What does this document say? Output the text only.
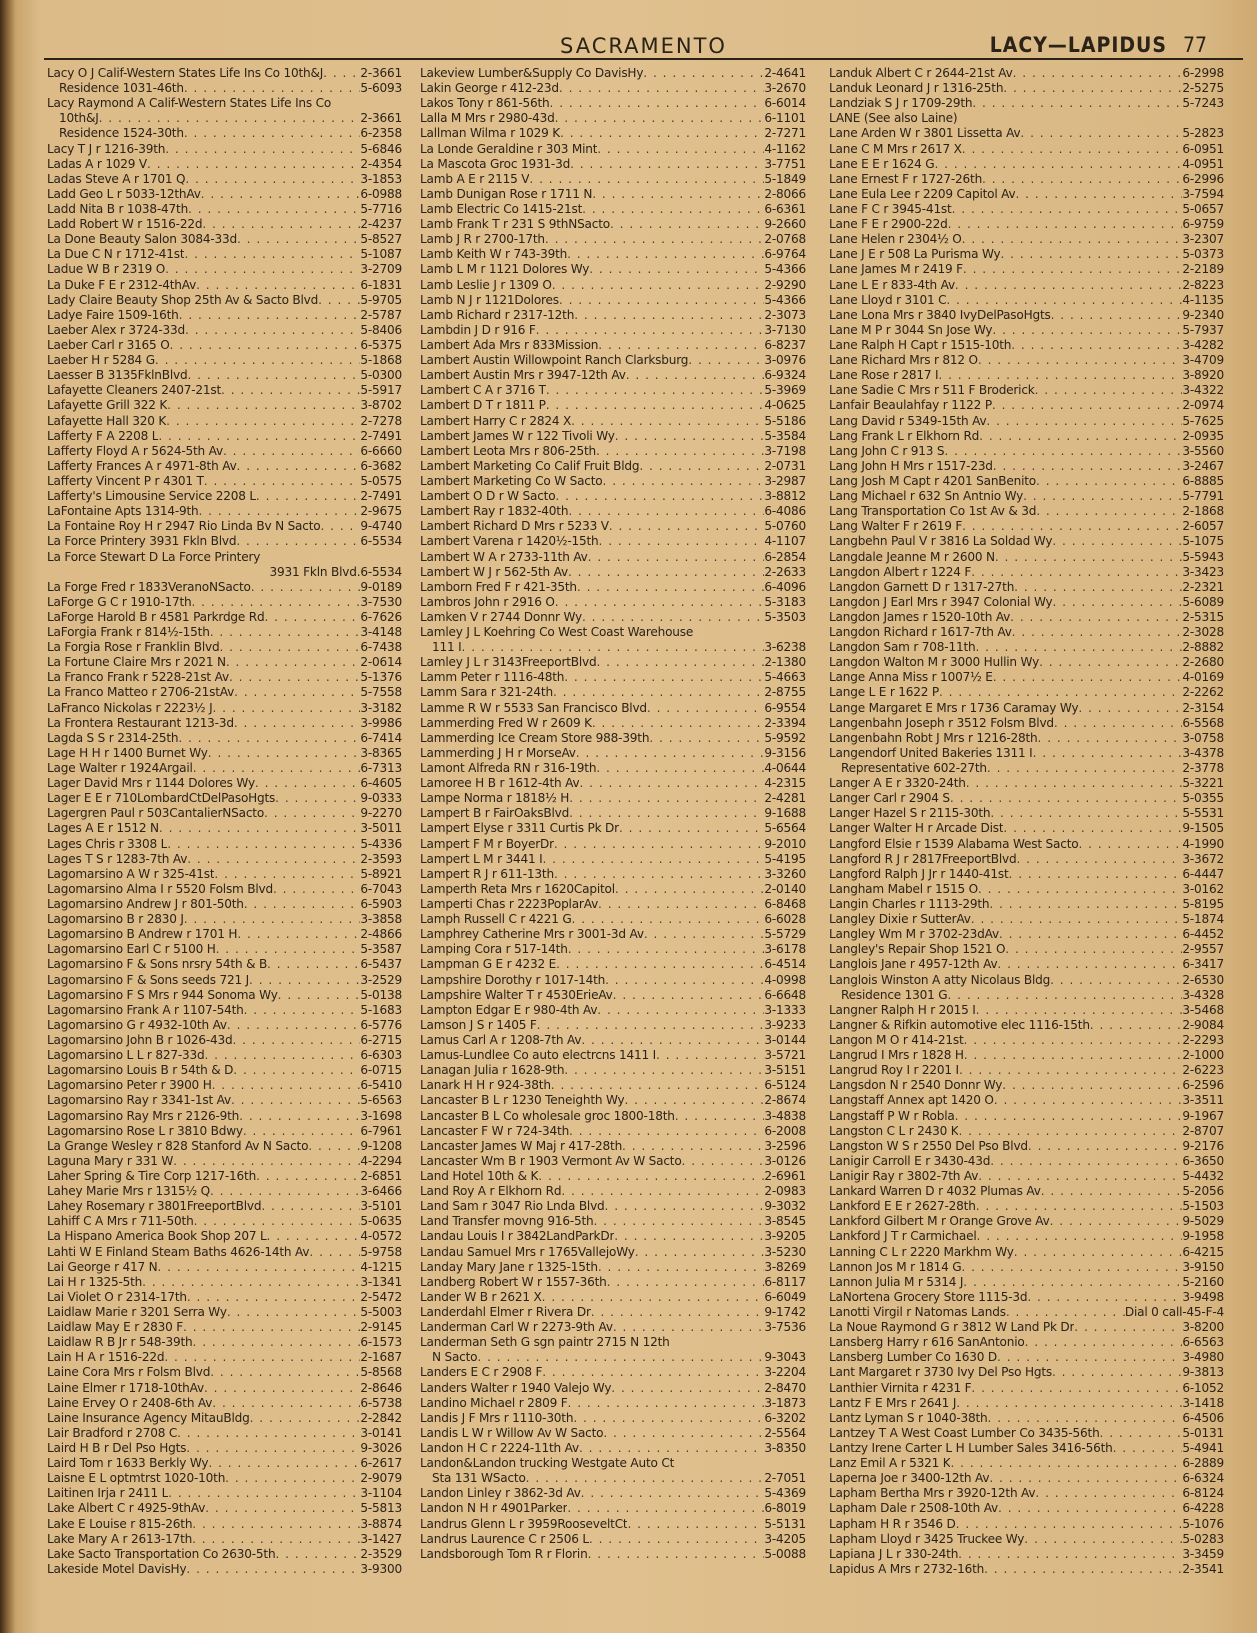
SACRAMENTO	LACY—LAPIDUS 77
Lacy O J Calif-Western States Life Ins Co 10th&J . . .	2-3661
Residence 1031-46th . . .	5-6093
Lacy Raymond A Calif-Western States Life Ins Co
10th&J . . .	2-3661
Residence 1524-30th . . .	6-2358
Lacy T J r 1216-39th . . .	5-6846
Ladas A r 1029 V . . .	2-4354
Ladas Steve A r 1701 Q . . .	3-1853
Ladd Geo L r 5033-12thAv . . .	6-0988
Ladd Nita B r 1038-47th . . .	5-7716
Ladd Robert W r 1516-22d . . .	2-4237
La Done Beauty Salon 3084-33d . . .	5-8527
La Due C N r 1712-41st . . .	5-1087
Ladue W B r 2319 O . . .	3-2709
La Duke F E r 2312-4thAv . . .	6-1831
Lady Claire Beauty Shop 25th Av & Sacto Blvd . . .	5-9705
Ladye Faire 1509-16th . . .	2-5787
Laeber Alex r 3724-33d . . .	5-8406
Laeber Carl r 3165 O . . .	6-5375
Laeber H r 5284 G . . .	5-1868
Laesser B 3135FklnBlvd . . .	5-0300
Lafayette Cleaners 2407-21st . . .	5-5917
Lafayette Grill 322 K . . .	3-8702
Lafayette Hall 320 K . . .	2-7278
Lafferty F A 2208 L . . .	2-7491
Lafferty Floyd A r 5624-5th Av . . .	6-6660
Lafferty Frances A r 4971-8th Av . . .	6-3682
Lafferty Vincent P r 4301 T . . .	5-0575
Lafferty's Limousine Service 2208 L . . .	2-7491
LaFontaine Apts 1314-9th . . .	2-9675
La Fontaine Roy H r 2947 Rio Linda Bv N Sacto . . .	9-4740
La Force Printery 3931 Fkln Blvd . . .	6-5534
La Force Stewart D La Force Printery
3931 Fkln Blvd . 6-5534
La Forge Fred r 1833VeranoNSacto . . .	9-0189
LaForge G C r 1910-17th . . .	3-7530
LaForge Harold B r 4581 Parkrdge Rd . . .	6-7626
LaForgia Frank r 814½-15th . . .	3-4148
La Forgia Rose r Franklin Blvd . . .	6-7438
La Fortune Claire Mrs r 2021 N . . .	2-0614
La Franco Frank r 5228-21st Av . . .	5-1376
La Franco Matteo r 2706-21stAv . . .	5-7558
LaFranco Nickolas r 2223½ J . . .	3-3182
La Frontera Restaurant 1213-3d . . .	3-9986
Lagda S S r 2314-25th . . .	6-7414
Lage H H r 1400 Burnet Wy . . .	3-8365
Lage Walter r 1924Argail . . .	6-7313
Lager David Mrs r 1144 Dolores Wy . . .	6-4605
Lager E E r 710LombardCtDelPasoHgts . . .	9-0333
Lagergren Paul r 503CantalierNSacto . . .	9-2270
Lages A E r 1512 N . . .	3-5011
Lages Chris r 3308 L . . .	5-4336
Lages T S r 1283-7th Av . . .	2-3593
Lagomarsino A W r 325-41st . . .	5-8921
Lagomarsino Alma I r 5520 Folsm Blvd . . .	6-7043
Lagomarsino Andrew J r 801-50th . . .	6-5903
Lagomarsino B r 2830 J . . .	3-3858
Lagomarsino B Andrew r 1701 H . . .	2-4866
Lagomarsino Earl C r 5100 H . . .	5-3587
Lagomarsino F & Sons nrsry 54th & B . . .	6-5437
Lagomarsino F & Sons seeds 721 J . . .	3-2529
Lagomarsino F S Mrs r 944 Sonoma Wy . . .	5-0138
Lagomarsino Frank A r 1107-54th . . .	5-1683
Lagomarsino G r 4932-10th Av . . .	6-5776
Lagomarsino John B r 1026-43d . . .	6-2715
Lagomarsino L L r 827-33d . . .	6-6303
Lagomarsino Louis B r 54th & D . . .	6-0715
Lagomarsino Peter r 3900 H . . .	6-5410
Lagomarsino Ray r 3341-1st Av . . .	5-6563
Lagomarsino Ray Mrs r 2126-9th . . .	3-1698
Lagomarsino Rose L r 3810 Bdwy . . .	6-7961
La Grange Wesley r 828 Stanford Av N Sacto . . .	9-1208
Laguna Mary r 331 W . . .	4-2294
Laher Spring & Tire Corp 1217-16th . . .	2-6851
Lahey Marie Mrs r 1315½ Q . . .	3-6466
Lahey Rosemary r 3801FreeportBlvd . . .	3-5101
Lahiff C A Mrs r 711-50th . . .	5-0635
La Hispano America Book Shop 207 L . . .	4-0572
Lahti W E Finland Steam Baths 4626-14th Av . . .	5-9758
Lai George r 417 N . . .	4-1215
Lai H r 1325-5th . . .	3-1341
Lai Violet O r 2314-17th . . .	2-5472
Laidlaw Marie r 3201 Serra Wy . . .	5-5003
Laidlaw May E r 2830 F . . .	2-9145
Laidlaw R B Jr r 548-39th . . .	6-1573
Lain H A r 1516-22d . . .	2-1687
Laine Cora Mrs r Folsm Blvd . . .	5-8568
Laine Elmer r 1718-10thAv . . .	2-8646
Laine Ervey O r 2408-6th Av . . .	6-5738
Laine Insurance Agency MitauBldg . . .	2-2842
Lair Bradford r 2708 C . . .	3-0141
Laird H B r Del Pso Hgts . . .	9-3026
Laird Tom r 1633 Berkly Wy . . .	6-2617
Laisne E L optmtrst 1020-10th . . .	2-9079
Laitinen Irja r 2411 L . . .	3-1104
Lake Albert C r 4925-9thAv . . .	5-5813
Lake E Louise r 815-26th . . .	3-8874
Lake Mary A r 2613-17th . . .	3-1427
Lake Sacto Transportation Co 2630-5th . . .	2-3529
Lakeside Motel DavisHy . . .	3-9300
Lakeview Lumber&Supply Co DavisHy . . .	2-4641
Lakin George r 412-23d . . .	3-2670
Lakos Tony r 861-56th . . .	6-6014
Lalla M Mrs r 2980-43d . . .	6-1101
Lallman Wilma r 1029 K . . .	2-7271
La Londe Geraldine r 303 Mint . . .	4-1162
La Mascota Groc 1931-3d . . .	3-7751
Lamb A E r 2115 V . . .	5-1849
Lamb Dunigan Rose r 1711 N . . .	2-8066
Lamb Electric Co 1415-21st . . .	6-6361
Lamb Frank T r 231 S 9thNSacto . . .	9-2660
Lamb J R r 2700-17th . . .	2-0768
Lamb Keith W r 743-39th . . .	6-9764
Lamb L M r 1121 Dolores Wy . . .	5-4366
Lamb Leslie J r 1309 O . . .	2-9290
Lamb N J r 1121Dolores . . .	5-4366
Lamb Richard r 2317-12th . . .	2-3073
Lambdin J D r 916 F . . .	3-7130
Lambert Ada Mrs r 833Mission . . .	6-8237
Lambert Austin Willowpoint Ranch Clarksburg . . .	3-0976
Lambert Austin Mrs r 3947-12th Av . . .	6-9324
Lambert C A r 3716 T . . .	5-3969
Lambert D T r 1811 P . . .	4-0625
Lambert Harry C r 2824 X . . .	5-5186
Lambert James W r 122 Tivoli Wy . . .	5-3584
Lambert Leota Mrs r 806-25th . . .	3-7198
Lambert Marketing Co Calif Fruit Bldg . . .	2-0731
Lambert Marketing Co W Sacto . . .	3-2987
Lambert O D r W Sacto . . .	3-8812
Lambert Ray r 1832-40th . . .	6-4086
Lambert Richard D Mrs r 5233 V . . .	5-0760
Lambert Varena r 1420½-15th . . .	4-1107
Lambert W A r 2733-11th Av . . .	6-2854
Lambert W J r 562-5th Av . . .	2-2633
Lamborn Fred F r 421-35th . . .	6-4096
Lambros John r 2916 O . . .	5-3183
Lamken V r 2744 Donnr Wy . . .	5-3503
Lamley J L Koehring Co West Coast Warehouse
111 I . . .	3-6238
Lamley J L r 3143FreeportBlvd . . .	2-1380
Lamm Peter r 1116-48th . . .	5-4663
Lamm Sara r 321-24th . . .	2-8755
Lamme R W r 5533 San Francisco Blvd . . .	6-9554
Lammerding Fred W r 2609 K . . .	2-3394
Lammerding Ice Cream Store 988-39th . . .	5-9592
Lammerding J H r MorseAv . . .	9-3156
Lamont Alfreda RN r 316-19th . . .	4-0644
Lamoree H B r 1612-4th Av . . .	4-2315
Lampe Norma r 1818½ H . . .	2-4281
Lampert B r FairOaksBlvd . . .	9-1688
Lampert Elyse r 3311 Curtis Pk Dr . . .	5-6564
Lampert F M r BoyerDr . . .	9-2010
Lampert L M r 3441 I . . .	5-4195
Lampert R J r 611-13th . . .	3-3260
Lamperth Reta Mrs r 1620Capitol . . .	2-0140
Lamperti Chas r 2223PoplarAv . . .	6-8468
Lamph Russell C r 4221 G . . .	6-6028
Lamphrey Catherine Mrs r 3001-3d Av . . .	5-5729
Lamping Cora r 517-14th . . .	3-6178
Lampman G E r 4232 E . . .	6-4514
Lampshire Dorothy r 1017-14th . . .	4-0998
Lampshire Walter T r 4530ErieAv . . .	6-6648
Lampton Edgar E r 980-4th Av . . .	3-1333
Lamson J S r 1405 F . . .	3-9233
Lamus Carl A r 1208-7th Av . . .	3-0144
Lamus-Lundlee Co auto electrcns 1411 I . . .	3-5721
Lanagan Julia r 1628-9th . . .	3-5151
Lanark H H r 924-38th . . .	6-5124
Lancaster B L r 1230 Teneighth Wy . . .	2-8674
Lancaster B L Co wholesale groc 1800-18th . . .	3-4838
Lancaster F W r 724-34th . . .	6-2008
Lancaster James W Maj r 417-28th . . .	3-2596
Lancaster Wm B r 1903 Vermont Av W Sacto . . .	3-0126
Land Hotel 10th & K . . .	2-6961
Land Roy A r Elkhorn Rd . . .	2-0983
Land Sam r 3047 Rio Lnda Blvd . . .	9-3032
Land Transfer movng 916-5th . . .	3-8545
Landau Louis I r 3842LandParkDr . . .	3-9205
Landau Samuel Mrs r 1765VallejoWy . . .	3-5230
Landay Mary Jane r 1325-15th . . .	3-8269
Landberg Robert W r 1557-36th . . .	6-8117
Lander W B r 2621 X . . .	6-6049
Landerdahl Elmer r Rivera Dr . . .	9-1742
Landerman Carl W r 2273-9th Av . . .	3-7536
Landerman Seth G sgn paintr 2715 N 12th
N Sacto . . .	9-3043
Landers E C r 2908 F . . .	3-2204
Landers Walter r 1940 Valejo Wy . . .	2-8470
Landino Michael r 2809 F . . .	3-1873
Landis J F Mrs r 1110-30th . . .	6-3202
Landis L W r Willow Av W Sacto . . .	2-5564
Landon H C r 2224-11th Av . . .	3-8350
Landon&Landon trucking Westgate Auto Ct
Sta 131 WSacto . . .	2-7051
Landon Linley r 3862-3d Av . . .	5-4369
Landon N H r 4901Parker . . .	6-8019
Landrus Glenn L r 3959RooseveltCt . . .	5-5131
Landrus Laurence C r 2506 L . . .	3-4205
Landsborough Tom R r Florin . . .	5-0088
Landuk Albert C r 2644-21st Av . . .	6-2998
Landuk Leonard J r 1316-25th . . .	2-5275
Landziak S J r 1709-29th . . .	5-7243
LANE (See also Laine)
Lane Arden W r 3801 Lissetta Av . . .	5-2823
Lane C M Mrs r 2617 X . . .	6-0951
Lane E E r 1624 G . . .	4-0951
Lane Ernest F r 1727-26th . . .	6-2996
Lane Eula Lee r 2209 Capitol Av . . .	3-7594
Lane F C r 3945-41st . . .	5-0657
Lane F E r 2900-22d . . .	6-9759
Lane Helen r 2304½ O . . .	3-2307
Lane J E r 508 La Purisma Wy . . .	5-0373
Lane James M r 2419 F . . .	2-2189
Lane L E r 833-4th Av . . .	2-8223
Lane Lloyd r 3101 C . . .	4-1135
Lane Lona Mrs r 3840 IvyDelPasoHgts . . .	9-2340
Lane M P r 3044 Sn Jose Wy . . .	5-7937
Lane Ralph H Capt r 1515-10th . . .	3-4282
Lane Richard Mrs r 812 O . . .	3-4709
Lane Rose r 2817 I . . .	3-8920
Lane Sadie C Mrs r 511 F Broderick . . .	3-4322
Lanfair Beaulahfay r 1122 P . . .	2-0974
Lang David r 5349-15th Av . . .	5-7625
Lang Frank L r Elkhorn Rd . . .	2-0935
Lang John C r 913 S . . .	3-5560
Lang John H Mrs r 1517-23d . . .	3-2467
Lang Josh M Capt r 4201 SanBenito . . .	6-8885
Lang Michael r 632 Sn Antnio Wy . . .	5-7791
Lang Transportation Co 1st Av & 3d . . .	2-1868
Lang Walter F r 2619 F . . .	2-6057
Langbehn Paul V r 3816 La Soldad Wy . . .	5-1075
Langdale Jeanne M r 2600 N . . .	5-5943
Langdon Albert r 1224 F . . .	3-3423
Langdon Garnett D r 1317-27th . . .	2-2321
Langdon J Earl Mrs r 3947 Colonial Wy . . .	5-6089
Langdon James r 1520-10th Av . . .	2-5315
Langdon Richard r 1617-7th Av . . .	2-3028
Langdon Sam r 708-11th . . .	2-8882
Langdon Walton M r 3000 Hullin Wy . . .	2-2680
Lange Anna Miss r 1007½ E . . .	4-0169
Lange L E r 1622 P . . .	2-2262
Lange Margaret E Mrs r 1736 Caramay Wy . . .	2-3154
Langenbahn Joseph r 3512 Folsm Blvd . . .	6-5568
Langenbahn Robt J Mrs r 1216-28th . . .	3-0758
Langendorf United Bakeries 1311 I . . .	3-4378
Representative 602-27th . . .	2-3778
Langer A E r 3320-24th . . .	5-3221
Langer Carl r 2904 S . . .	5-0355
Langer Hazel S r 2115-30th . . .	5-5531
Langer Walter H r Arcade Dist . . .	9-1505
Langford Elsie r 1539 Alabama West Sacto . . .	4-1990
Langford R J r 2817FreeportBlvd . . .	3-3672
Langford Ralph J Jr r 1440-41st . . .	6-4447
Langham Mabel r 1515 O . . .	3-0162
Langin Charles r 1113-29th . . .	5-8195
Langley Dixie r SutterAv . . .	5-1874
Langley Wm M r 3702-23dAv . . .	6-4452
Langley's Repair Shop 1521 O . . .	2-9557
Langlois Jane r 4957-12th Av . . .	6-3417
Langlois Winston A atty Nicolaus Bldg . . .	2-6530
Residence 1301 G . . .	3-4328
Langner Ralph H r 2015 I . . .	3-5468
Langner & Rifkin automotive elec 1116-15th . . .	2-9084
Langon M O r 414-21st . . .	2-2293
Langrud I Mrs r 1828 H . . .	2-1000
Langrud Roy I r 2201 I . . .	2-6223
Langsdon N r 2540 Donnr Wy . . .	6-2596
Langstaff Annex apt 1420 O . . .	3-3511
Langstaff P W r Robla . . .	9-1967
Langston C L r 2430 K . . .	2-8707
Langston W S r 2550 Del Pso Blvd . . .	9-2176
Lanigir Carroll E r 3430-43d . . .	6-3650
Lanigir Ray r 3802-7th Av . . .	5-4432
Lankard Warren D r 4032 Plumas Av . . .	5-2056
Lankford E E r 2627-28th . . .	5-1503
Lankford Gilbert M r Orange Grove Av . . .	9-5029
Lankford J T r Carmichael . . .	9-1958
Lanning C L r 2220 Markhm Wy . . .	6-4215
Lannon Jos M r 1814 G . . .	3-9150
Lannon Julia M r 5314 J . . .	5-2160
LaNortena Grocery Store 1115-3d . . .	3-9498
Lanotti Virgil r Natomas Lands . . .	Dial 0 call-45-F-4
La Noue Raymond G r 3812 W Land Pk Dr . . .	3-8200
Lansberg Harry r 616 SanAntonio . . .	6-6563
Lansberg Lumber Co 1630 D . . .	3-4980
Lant Margaret r 3730 Ivy Del Pso Hgts . . .	9-3813
Lanthier Virnita r 4231 F . . .	6-1052
Lantz F E Mrs r 2641 J . . .	3-1418
Lantz Lyman S r 1040-38th . . .	6-4506
Lantzey T A West Coast Lumber Co 3435-56th . . .	5-0131
Lantzy Irene Carter L H Lumber Sales 3416-56th . . .	5-4941
Lanz Emil A r 5321 K . . .	6-2889
Laperna Joe r 3400-12th Av . . .	6-6324
Lapham Bertha Mrs r 3920-12th Av . . .	6-8124
Lapham Dale r 2508-10th Av . . .	6-4228
Lapham H R r 3546 D . . .	5-1076
Lapham Lloyd r 3425 Truckee Wy . . .	5-0283
Lapiana J L r 330-24th . . .	3-3459
Lapidus A Mrs r 2732-16th . . .	2-3541
